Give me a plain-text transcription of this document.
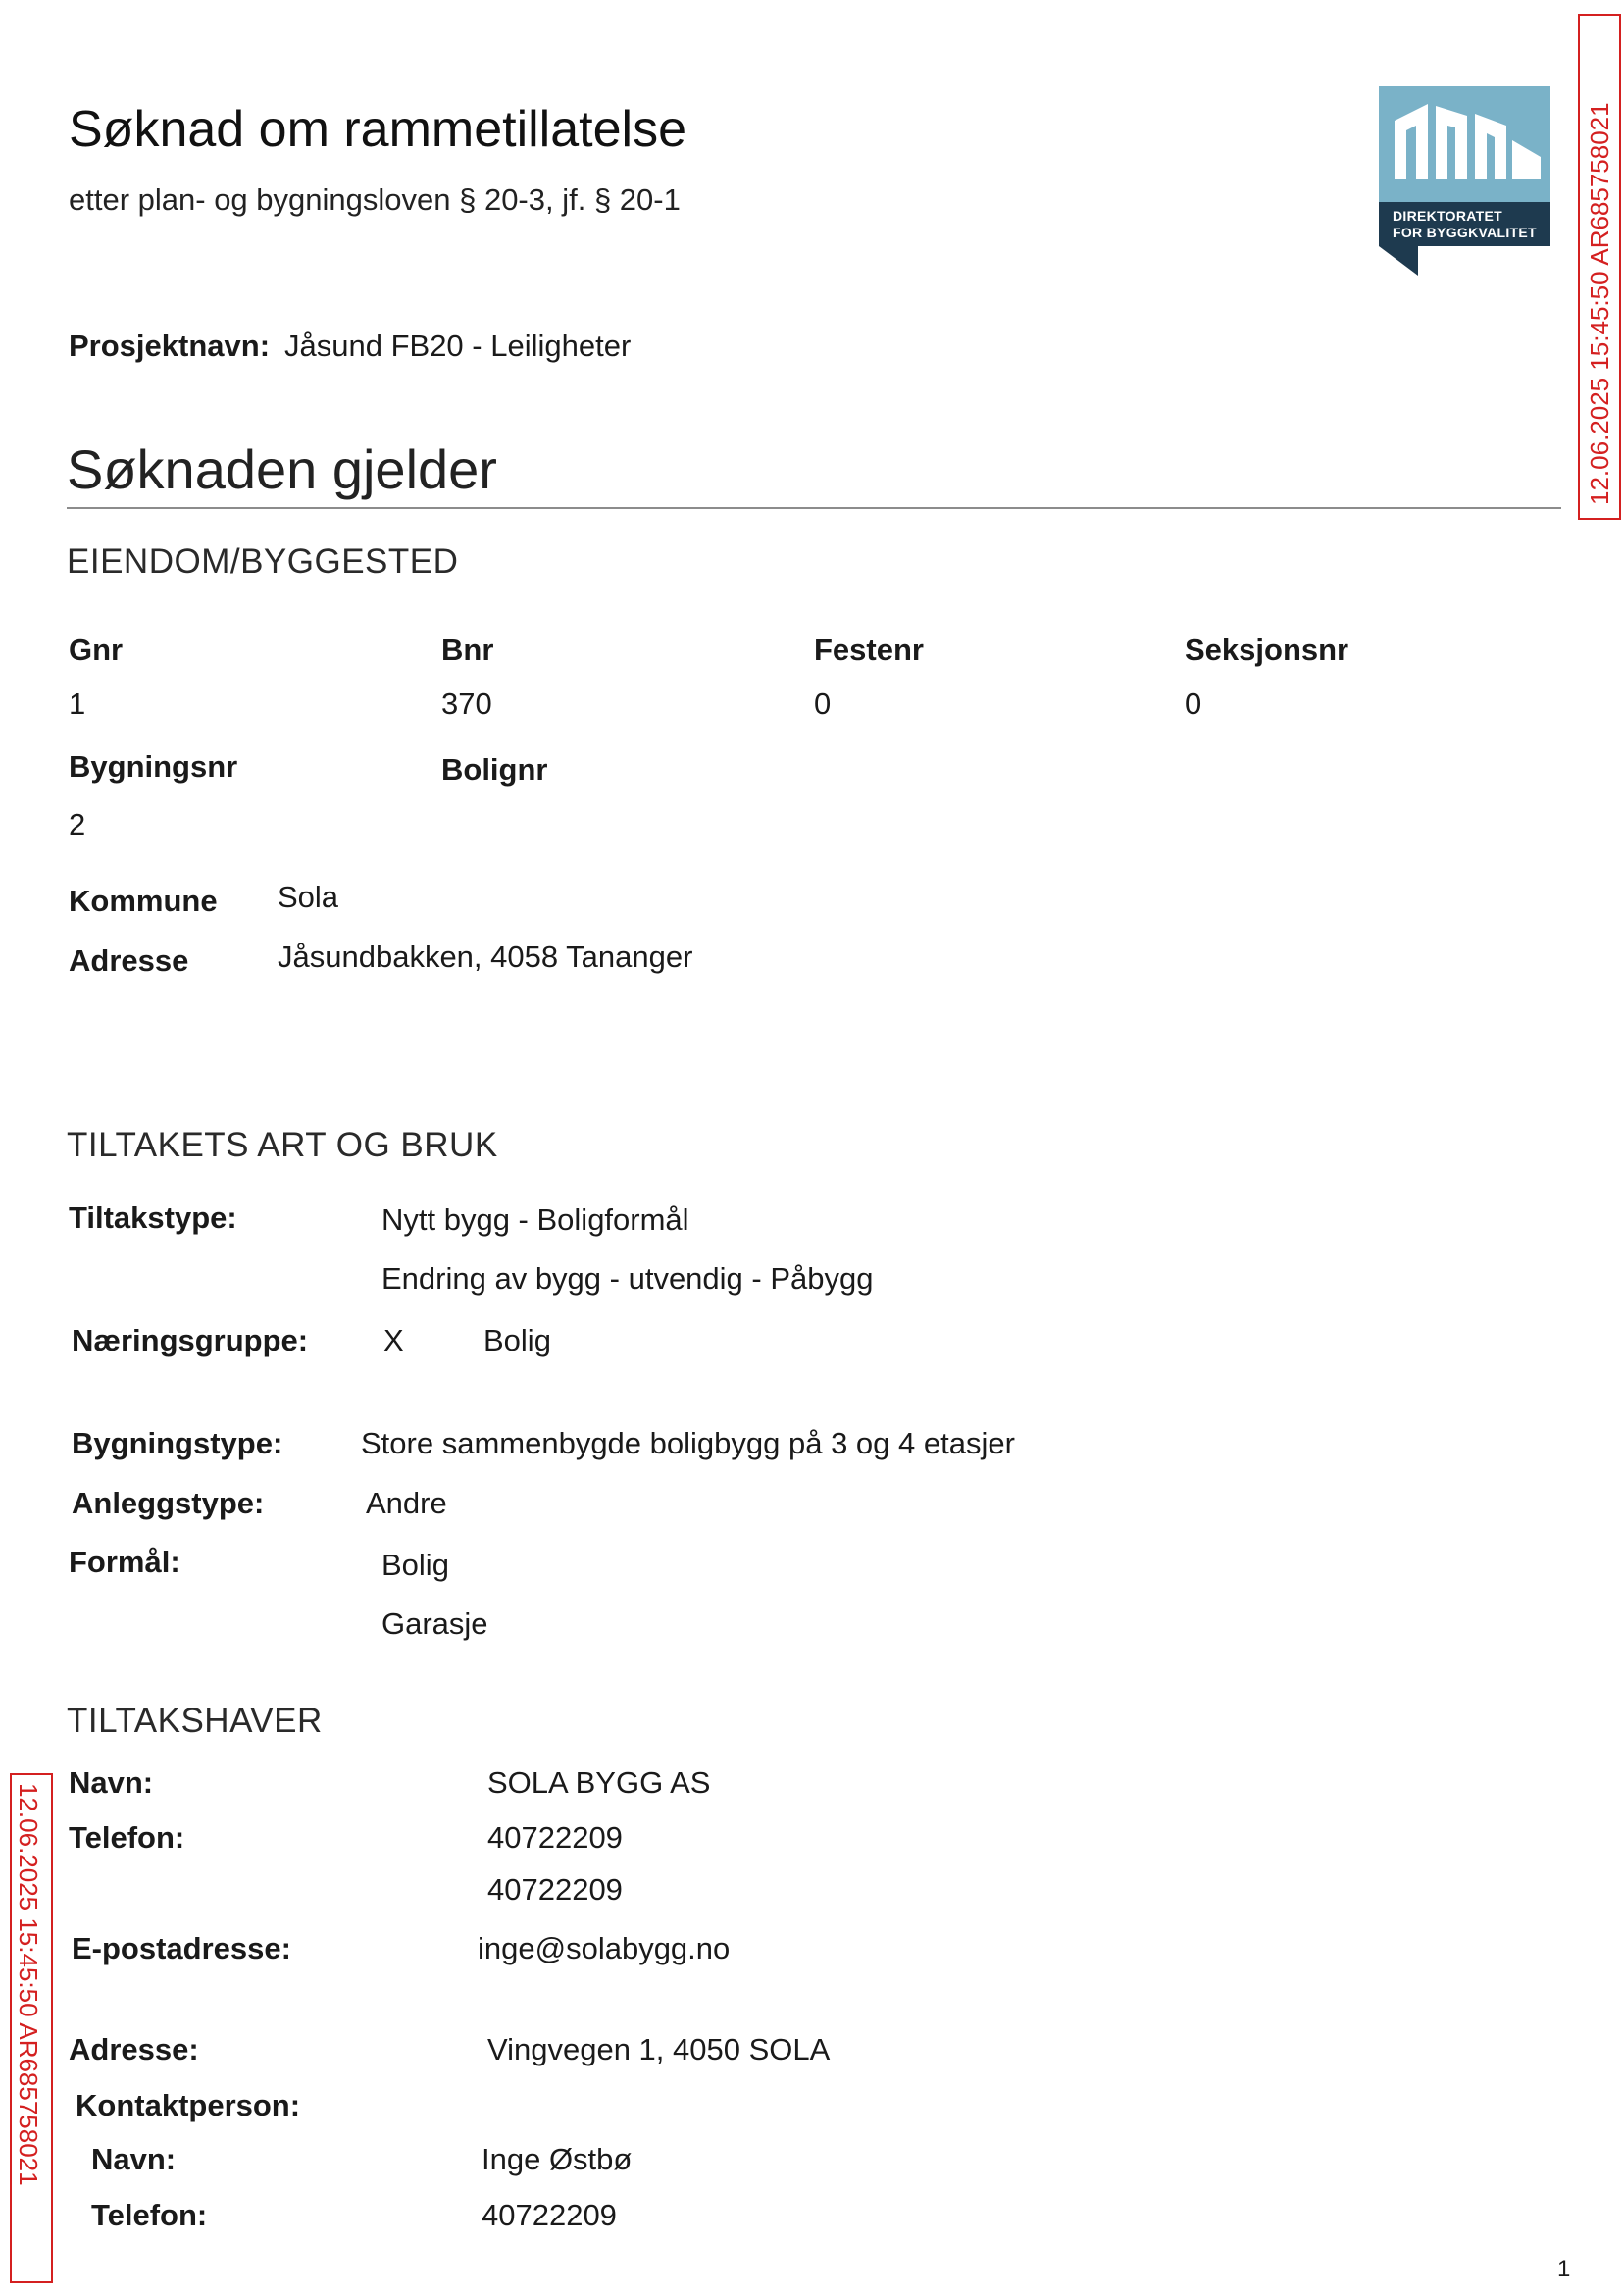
Søknad om rammetillatelse
etter plan- og bygningsloven § 20-3, jf. § 20-1	DIREKTORATET
FOR BYGGKVALITET 12.06.2025 15:45:50 AR685758021
12.06.2025 15:45:50 AR685758021
Prosjektnavn: Jåsund FB20 - Leiligheter
Søknaden gjelder
EIENDOM/BYGGESTED
Gnr	Bnr	Festenr	Seksjonsnr
1	370	0	0
Bygningsnr	Bolignr
2
Kommune Sola
Adresse	Jåsundbakken, 4058 Tananger
TILTAKETS ART OG BRUK
Tiltakstype:	Nytt bygg - Boligformål
Endring av bygg - utvendig - Påbygg
Næringsgruppe: X	Bolig
Bygningstype:	Store sammenbygde boligbygg på 3 og 4 etasjer
Anleggstype:	Andre
Formål:	Bolig
Garasje
TILTAKSHAVER
Navn:	SOLA BYGG AS
Telefon:	40722209
40722209
E-postadresse:	inge@solabygg.no
Adresse:	Vingvegen 1, 4050 SOLA
Kontaktperson:
Navn:	Inge Østbø
Telefon:	40722209
1
